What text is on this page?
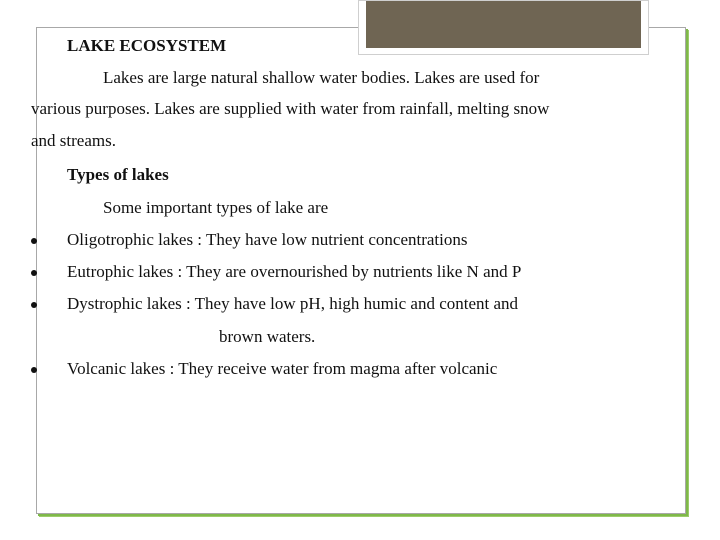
LAKE ECOSYSTEM
Lakes are large natural shallow water bodies. Lakes are used for
various purposes. Lakes are supplied with water from rainfall, melting snow
and streams.
Types of lakes
Some important types of lake are
Oligotrophic lakes : They have low nutrient concentrations
Eutrophic lakes : They are overnourished by nutrients like N and P
Dystrophic lakes : They have low pH, high humic and content and
brown waters.
Volcanic lakes : They receive water from magma after volcanic
